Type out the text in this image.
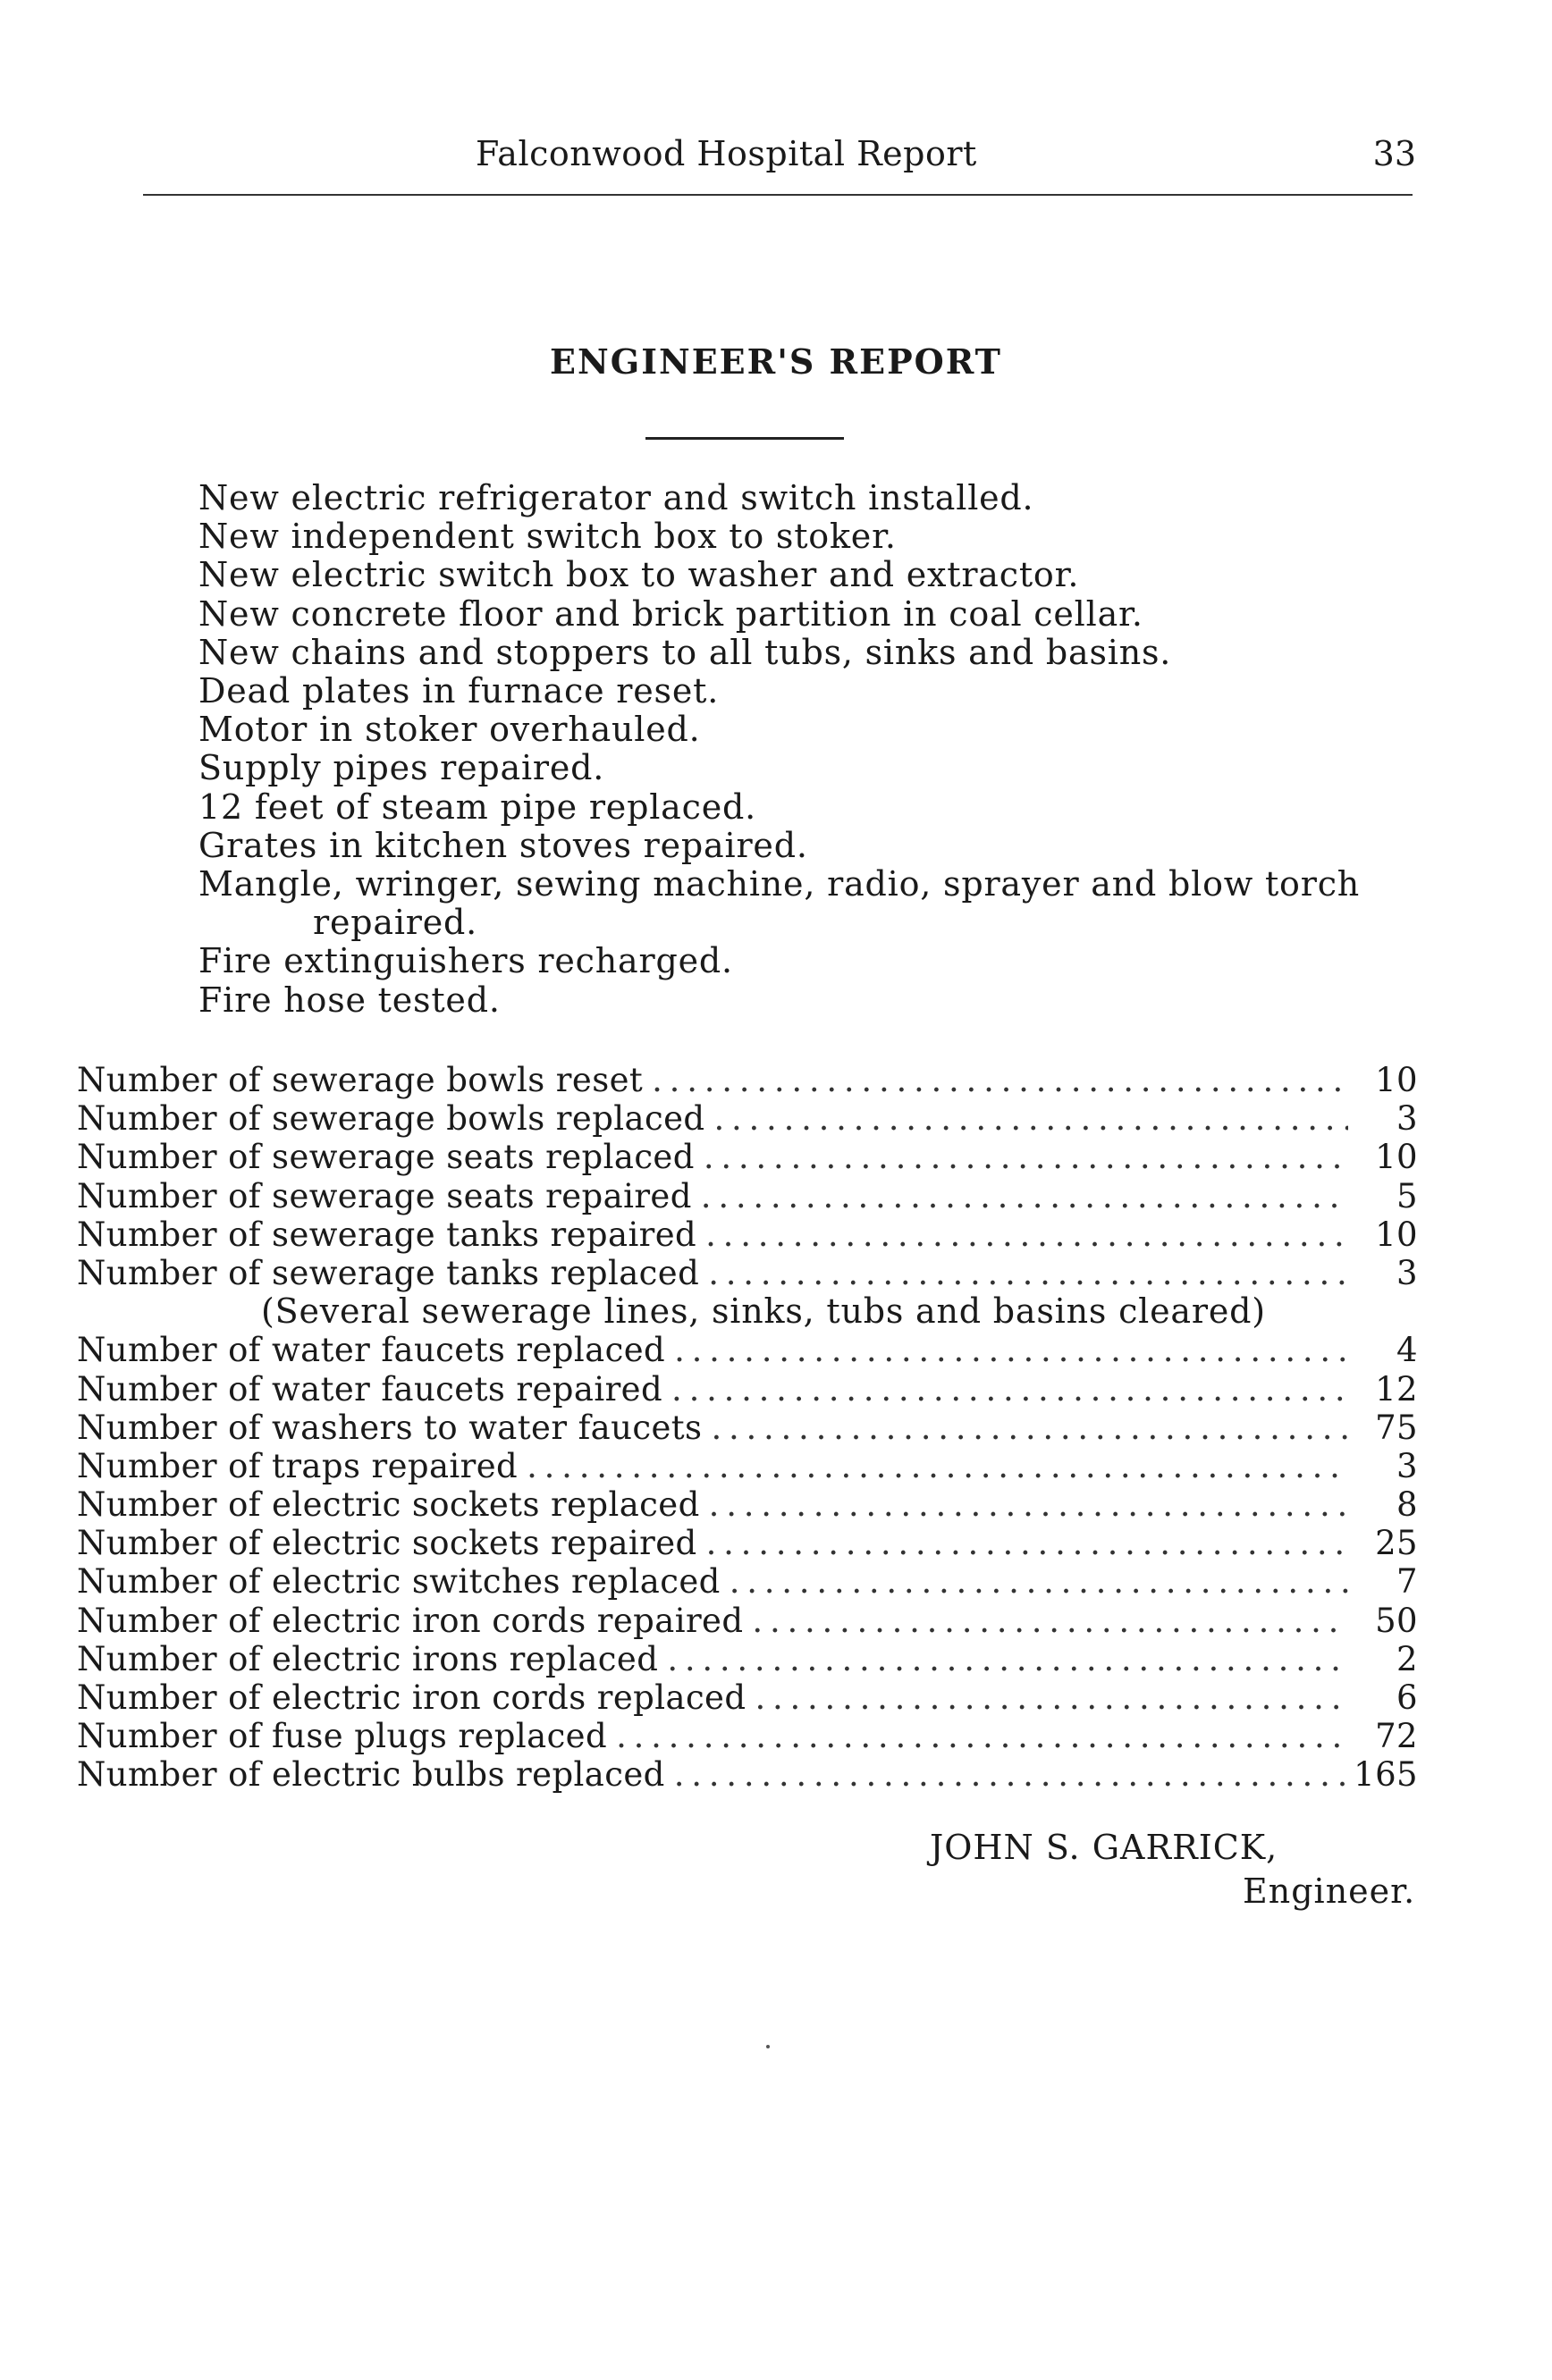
Falconwood Hospital Report	33
ENGINEER'S REPORT
New electric refrigerator and switch installed.
New independent switch box to stoker.
New electric switch box to washer and extractor.
New concrete floor and brick partition in coal cellar.
New chains and stoppers to all tubs, sinks and basins.
Dead plates in furnace reset.
Motor in stoker overhauled.
Supply pipes repaired.
12 feet of steam pipe replaced.
Grates in kitchen stoves repaired.
Mangle, wringer, sewing machine, radio, sprayer and blow torch repaired.
Fire extinguishers recharged.
Fire hose tested.
Number of sewerage bowls reset . . .	10
Number of sewerage bowls replaced . . .	3
Number of sewerage seats replaced . . .	10
Number of sewerage seats repaired . . .	5
Number of sewerage tanks repaired . . .	10
Number of sewerage tanks replaced . . .	3
(Several sewerage lines, sinks, tubs and basins cleared)
Number of water faucets replaced . . .	4
Number of water faucets repaired . . .	12
Number of washers to water faucets . . .	75
Number of traps repaired . . .	3
Number of electric sockets replaced . . .	8
Number of electric sockets repaired . . .	25
Number of electric switches replaced . . .	7
Number of electric iron cords repaired . . .	50
Number of electric irons replaced . . .	2
Number of electric iron cords replaced . . .	6
Number of fuse plugs replaced . . .	72
Number of electric bulbs replaced . . .	165
JOHN S. GARRICK,
Engineer.
